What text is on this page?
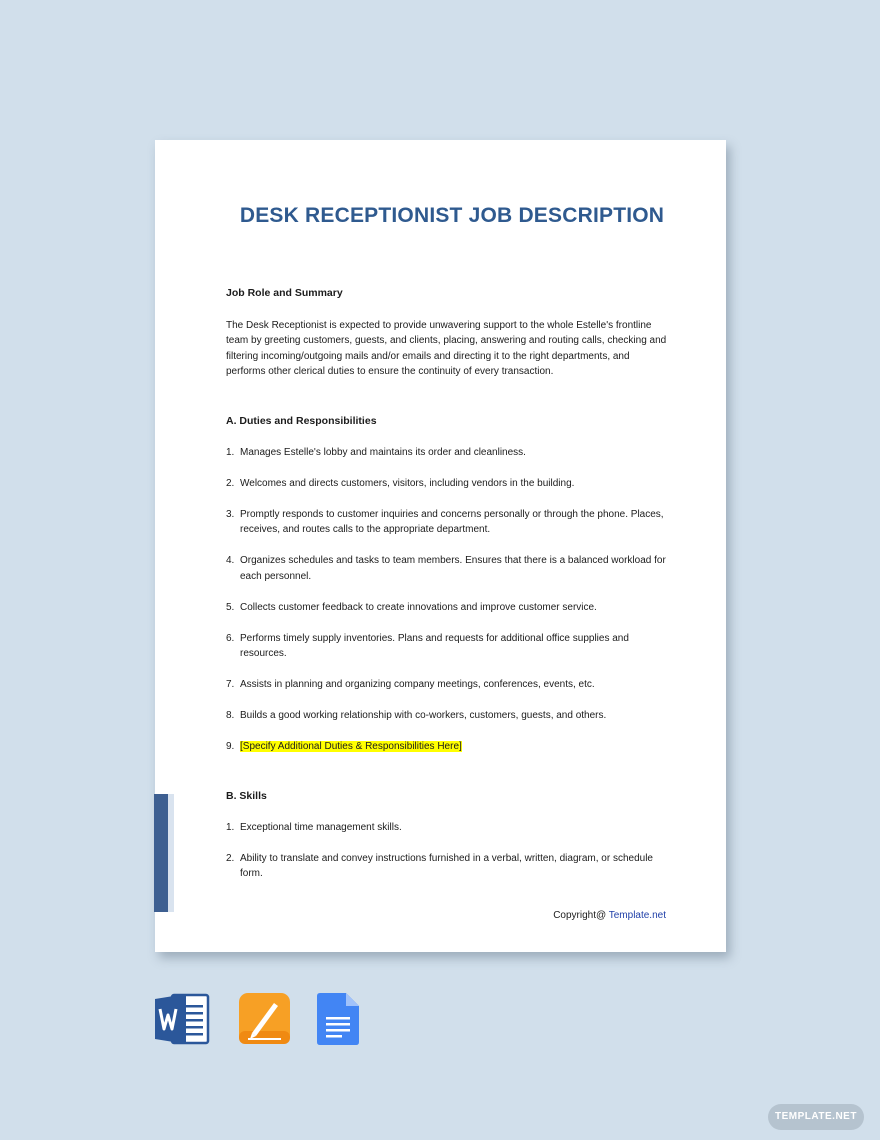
DESK RECEPTIONIST JOB DESCRIPTION

Job Role and Summary

The Desk Receptionist is expected to provide unwavering support to the whole Estelle's frontline team by greeting customers, guests, and clients, placing, answering and routing calls, checking and filtering incoming/outgoing mails and/or emails and directing it to the right departments, and performs other clerical duties to ensure the continuity of every transaction.

A. Duties and Responsibilities

1. Manages Estelle's lobby and maintains its order and cleanliness.
2. Welcomes and directs customers, visitors, including vendors in the building.
3. Promptly responds to customer inquiries and concerns personally or through the phone. Places, receives, and routes calls to the appropriate department.
4. Organizes schedules and tasks to team members. Ensures that there is a balanced workload for each personnel.
5. Collects customer feedback to create innovations and improve customer service.
6. Performs timely supply inventories. Plans and requests for additional office supplies and resources.
7. Assists in planning and organizing company meetings, conferences, events, etc.
8. Builds a good working relationship with co-workers, customers, guests, and others.
9. [Specify Additional Duties & Responsibilities Here]

B. Skills

1. Exceptional time management skills.
2. Ability to translate and convey instructions furnished in a verbal, written, diagram, or schedule form.
Copyright@ Template.net
TEMPLATE.NET
